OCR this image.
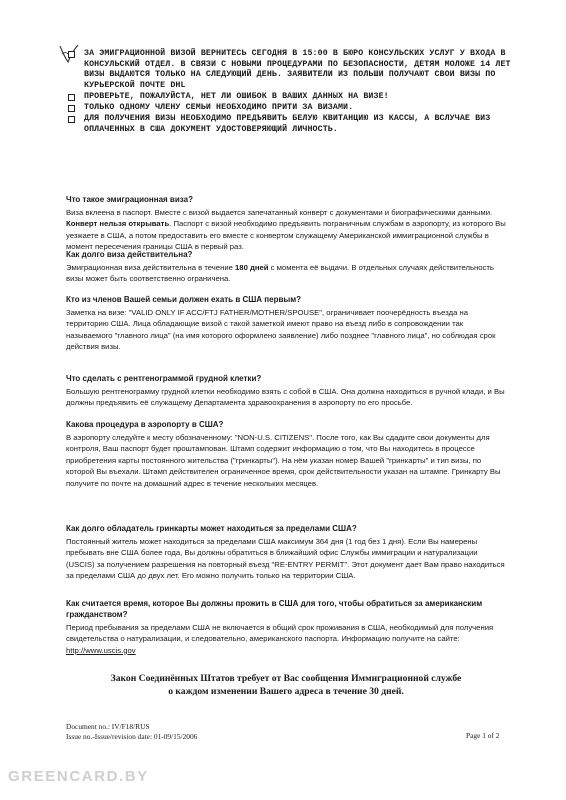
ЗА ЭМИГРАЦИОННОЙ ВИЗОЙ ВЕРНИТЕСЬ СЕГОДНЯ В 15:00 В БЮРО КОНСУЛЬСКИХ УСЛУГ У ВХОДА В КОНСУЛЬСКИЙ ОТДЕЛ. В СВЯЗИ С НОВЫМИ ПРОЦЕДУРАМИ ПО БЕЗОПАСНОСТИ, ДЕТЯМ МОЛОЖЕ 14 ЛЕТ ВИЗЫ ВЫДАЮТСЯ ТОЛЬКО НА СЛЕДУЮЩИЙ ДЕНЬ. ЗАЯВИТЕЛИ ИЗ ПОЛЬШИ ПОЛУЧАЮТ СВОИ ВИЗЫ ПО КУРЬЕРСКОЙ ПОЧТЕ DHL
ПРОВЕРЬТЕ, ПОЖАЛУЙСТА, НЕТ ЛИ ОШИБОК В ВАШИХ ДАННЫХ НА ВИЗЕ!
ТОЛЬКО ОДНОМУ ЧЛЕНУ СЕМЬИ НЕОБХОДИМО ПРИТИ ЗА ВИЗАМИ.
ДЛЯ ПОЛУЧЕНИЯ ВИЗЫ НЕОБХОДИМО ПРЕДЪЯВИТЬ БЕЛУЮ КВИТАНЦИЮ ИЗ КАССЫ, А ВСЛУЧАЕ ВИЗ ОПЛАЧЕННЫХ В США ДОКУМЕНТ УДОСТОВЕРЯЮЩИЙ ЛИЧНОСТЬ.
Что такое эмиграционная виза?
Виза вклеена в паспорт. Вместе с визой выдается запечатанный конверт с документами и биографическими данными. Конверт нельзя открывать. Паспорт с визой необходимо предъявить пограничным службам в аэропорту, из которого Вы уезжаете в США, а потом предоставить его вместе с конвертом служащему Американской иммиграционной службы в момент пересечения границы США в первый раз.
Как долго виза действительна?
Эмиграционная виза действительна в течение 180 дней с момента её выдачи. В отдельных случаях действительность визы может быть соответственно ограничена.
Кто из членов Вашей семьи должен ехать в США первым?
Заметка на визе: "VALID ONLY IF ACC/FTJ FATHER/MOTHER/SPOUSE", ограничивает поочерёдность въезда на территорию США. Лица обладающие визой с такой заметкой имеют право на въезд либо в сопровождении так называемого "главного лица" (на имя которого оформлено заявление) либо позднее "главного лица", но соблюдая срок действия визы.
Что сделать с рентгенограммой грудной клетки?
Большую рентгенограмму грудной клетки необходимо взять с собой в США. Она должна находиться в ручной клади, и Вы должны предъявить её служащему Департамента здравоохранения в аэропорту по его просьбе.
Какова процедура в аэропорту в США?
В аэропорту следуйте к месту обозначенному: "NON-U.S. CITIZENS". После того, как Вы сдадите свои документы для контроля, Ваш паспорт будет проштампован. Штамп содержит информацию о том, что Вы находитесь в процессе приобретения карты постоянного жительства ("гринкарты"). На нём указан номер Вашей "гринкарты" и тип визы, по которой Вы въехали. Штамп действителен ограниченное время, срок действительности указан на штампе. Гринкарту Вы получите по почте на домашний адрес в течение нескольких месяцев.
Как долго обладатель гринкарты может находиться за пределами США?
Постоянный житель может находиться за пределами США максимум 364 дня (1 год без 1 дня). Если Вы намерены пребывать вне США более года, Вы должны обратиться в ближайший офис Службы иммиграции и натурализации (USCIS) за получением разрешения на повторный въезд "RE-ENTRY PERMIT". Этот документ дает Вам право находиться за пределами США до двух лет. Его можно получить только на территории США.
Как считается время, которое Вы должны прожить в США для того, чтобы обратиться за американским гражданством?
Период пребывания за пределами США не включается в общий срок проживания в США, необходимый для получения свидетельства о натурализации, и следовательно, американского паспорта. Информацию получите на сайте: http://www.uscis.gov
Закон Соединённых Штатов требует от Вас сообщения Иммиграционной службе
о каждом изменении Вашего адреса в течение 30 дней.
Document no.: IV/F18/RUS
Issue no.-Issue/revision date: 01-09/15/2006	Page 1 of 2
GREENCARD.BY
